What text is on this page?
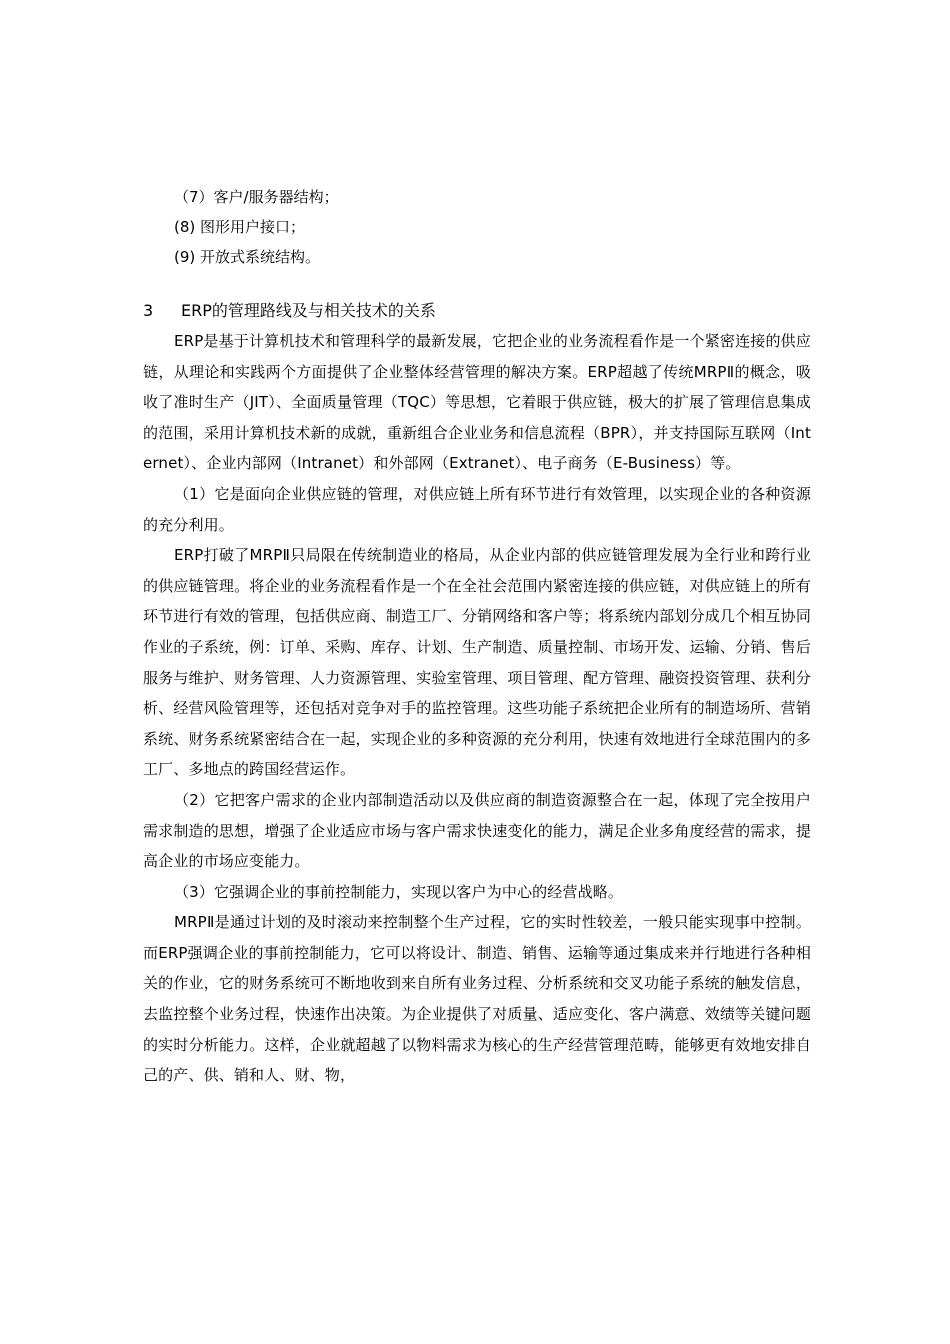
（7）客户/服务器结构；
(8) 图形用户接口；
(9) 开放式系统结构。
3 ERP的管理路线及与相关技术的关系

ERP是基于计算机技术和管理科学的最新发展，它把企业的业务流程看作是一个紧密连接的供应链，从理论和实践两个方面提供了企业整体经营管理的解决方案。ERP超越了传统MRPⅡ的概念，吸收了准时生产（JIT）、全面质量管理（TQC）等思想，它着眼于供应链，极大的扩展了管理信息集成的范围，采用计算机技术新的成就，重新组合企业业务和信息流程（BPR），并支持国际互联网（Internet）、企业内部网（Intranet）和外部网（Extranet）、电子商务（E-Business）等。

（1）它是面向企业供应链的管理，对供应链上所有环节进行有效管理，以实现企业的各种资源的充分利用。

ERP打破了MRPⅡ只局限在传统制造业的格局，从企业内部的供应链管理发展为全行业和跨行业的供应链管理。将企业的业务流程看作是一个在全社会范围内紧密连接的供应链，对供应链上的所有环节进行有效的管理，包括供应商、制造工厂、分销网络和客户等；将系统内部划分成几个相互协同作业的子系统，例：订单、采购、库存、计划、生产制造、质量控制、市场开发、运输、分销、售后服务与维护、财务管理、人力资源管理、实验室管理、项目管理、配方管理、融资投资管理、获利分析、经营风险管理等，还包括对竞争对手的监控管理。这些功能子系统把企业所有的制造场所、营销系统、财务系统紧密结合在一起，实现企业的多种资源的充分利用，快速有效地进行全球范围内的多工厂、多地点的跨国经营运作。

（2）它把客户需求的企业内部制造活动以及供应商的制造资源整合在一起，体现了完全按用户需求制造的思想，增强了企业适应市场与客户需求快速变化的能力，满足企业多角度经营的需求，提高企业的市场应变能力。

（3）它强调企业的事前控制能力，实现以客户为中心的经营战略。

MRPⅡ是通过计划的及时滚动来控制整个生产过程，它的实时性较差，一般只能实现事中控制。而ERP强调企业的事前控制能力，它可以将设计、制造、销售、运输等通过集成来并行地进行各种相关的作业，它的财务系统可不断地收到来自所有业务过程、分析系统和交叉功能子系统的触发信息，去监控整个业务过程，快速作出决策。为企业提供了对质量、适应变化、客户满意、效绩等关键问题的实时分析能力。这样，企业就超越了以物料需求为核心的生产经营管理范畴，能够更有效地安排自己的产、供、销和人、财、物，
